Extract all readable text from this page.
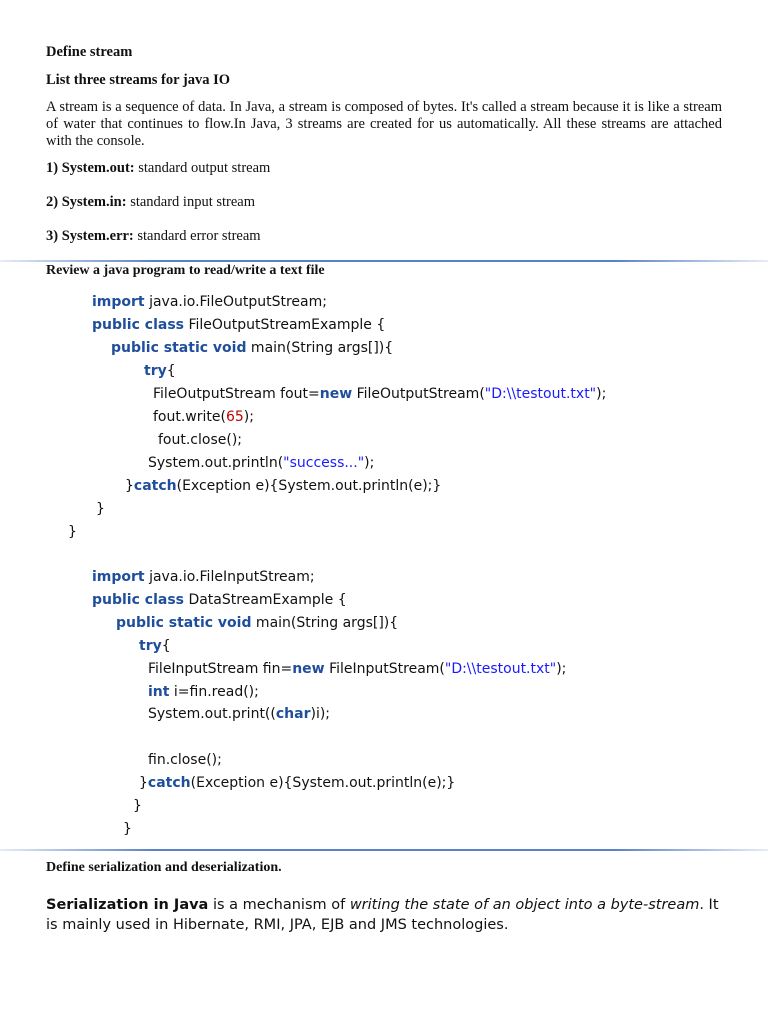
Define stream
List three streams for java IO
A stream is a sequence of data. In Java, a stream is composed of bytes. It's called a stream because it is like a stream of water that continues to flow.In Java, 3 streams are created for us automatically. All these streams are attached with the console.
1) System.out: standard output stream
2) System.in: standard input stream
3) System.err: standard error stream
Review a java program to read/write a text file
import java.io.FileOutputStream;
public class FileOutputStreamExample {
public static void main(String args[]){
try{
FileOutputStream fout=new FileOutputStream("D:\\testout.txt");
fout.write(65);
fout.close();
System.out.println("success...");
}catch(Exception e){System.out.println(e);}
}
}
import java.io.FileInputStream;
public class DataStreamExample {
public static void main(String args[]){
try{
FileInputStream fin=new FileInputStream("D:\\testout.txt");
int i=fin.read();
System.out.print((char)i);
fin.close();
}catch(Exception e){System.out.println(e);}
}
}
Define serialization and deserialization.
Serialization in Java is a mechanism of writing the state of an object into a byte-stream. It is mainly used in Hibernate, RMI, JPA, EJB and JMS technologies.
